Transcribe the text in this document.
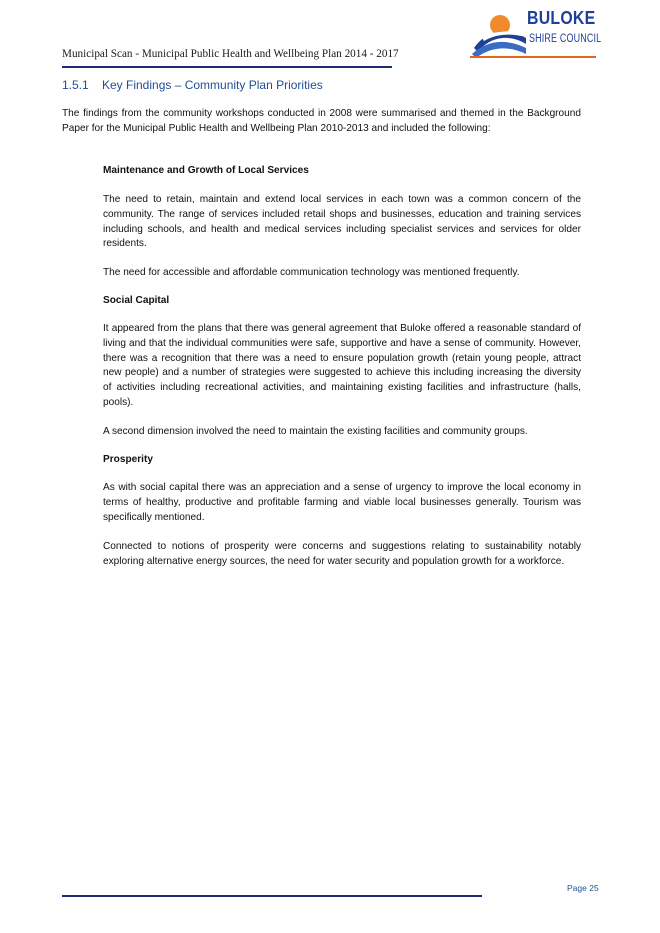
Municipal Scan - Municipal Public Health and Wellbeing Plan 2014 - 2017
BULOKE
SHIRE COUNCIL
1.5.1 Key Findings – Community Plan Priorities

The findings from the community workshops conducted in 2008 were summarised and themed in the Background Paper for the Municipal Public Health and Wellbeing Plan 2010-2013 and included the following:

Maintenance and Growth of Local Services

The need to retain, maintain and extend local services in each town was a common concern of the community. The range of services included retail shops and businesses, education and training services including schools, and health and medical services including specialist services and services for older residents.

The need for accessible and affordable communication technology was mentioned frequently.

Social Capital

It appeared from the plans that there was general agreement that Buloke offered a reasonable standard of living and that the individual communities were safe, supportive and have a sense of community. However, there was a recognition that there was a need to ensure population growth (retain young people, attract new people) and a number of strategies were suggested to achieve this including increasing the diversity of activities including recreational activities, and maintaining existing facilities and infrastructure (halls, pools).

A second dimension involved the need to maintain the existing facilities and community groups.

Prosperity

As with social capital there was an appreciation and a sense of urgency to improve the local economy in terms of healthy, productive and profitable farming and viable local businesses generally. Tourism was specifically mentioned.

Connected to notions of prosperity were concerns and suggestions relating to sustainability notably exploring alternative energy sources, the need for water security and population growth for a workforce.

Page 25
